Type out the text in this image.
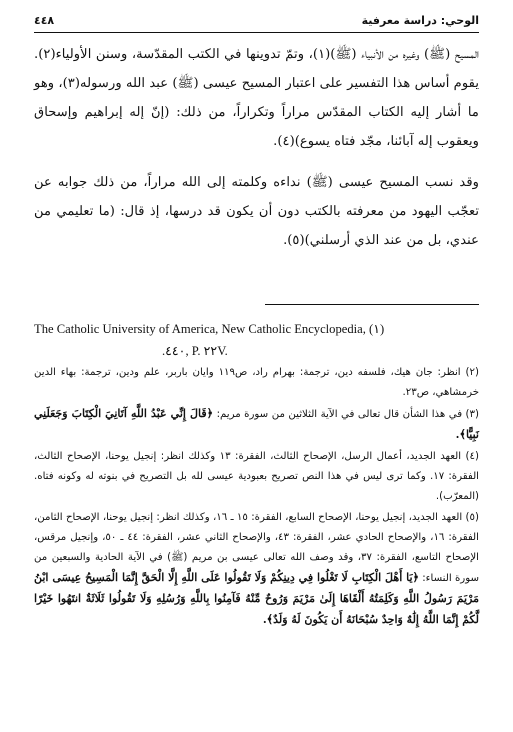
الوحي: دراسة معرفية
٤٤٨

المسيح (ﷺ) وغيره من الأنبياء (ﷺ)(١)، وتمّ تدوينها في الكتب المقدّسة، وسنن الأولياء(٢). يقوم أساس هذا التفسير على اعتبار المسيح عيسى (ﷺ) عبد الله ورسوله(٣)، وهو ما أشار إليه الكتاب المقدّس مراراً وتكراراً، من ذلك: (إنّ إله إبراهيم وإسحاق ويعقوب إله آبائنا، مجّد فتاه يسوع)(٤).

وقد نسب المسيح عيسى (ﷺ) نداءه وكلمته إلى الله مراراً، من ذلك جوابه عن تعجّب اليهود من معرفته بالكتب دون أن يكون قد درسها، إذ قال: (ما تعليمي من عندي، بل من عند الذي أرسلني)(٥).

The Catholic University of America, New Catholic Encyclopedia, (١)
.٤٤٠, P. ٢٢V.

(٢) انظر: جان هيك، فلسفه دين، ترجمة: بهرام راد، ص١١٩ وايان باربر، علم ودين، ترجمة: بهاء الدين خرمشاهي، ص٢٣.

(٣) في هذا الشأن قال تعالى في الآية الثلاثين من سورة مريم: ﴿قَالَ إِنِّي عَبْدُ اللَّهِ آتَانِيَ الْكِتَابَ وَجَعَلَنِي نَبِيًّا﴾.

(٤) العهد الجديد، أعمال الرسل، الإصحاح الثالث، الفقرة: ١٣ وكذلك انظر: إنجيل يوحنا، الإصحاح الثالث، الفقرة: ١٧. وكما ترى ليس في هذا النص تصريح بعبودية عيسى لله بل التصريح في بنوته له وكونه فتاه. (المعرّب).

(٥) العهد الجديد، إنجيل يوحنا، الإصحاح السابع، الفقرة: ١٥ ـ ١٦، وكذلك انظر: إنجيل يوحنا، الإصحاح الثامن، الفقرة: ١٦، والإصحاح الحادي عشر، الفقرة: ٤٣، والإصحاح الثاني عشر، الفقرة: ٤٤ ـ ٥٠، وإنجيل مرقس، الإصحاح التاسع، الفقرة: ٣٧، وقد وصف الله تعالى عيسى بن مريم (ﷺ) في الآية الحادية والسبعين من سورة النساء: ﴿يَا أَهْلَ الْكِتَابِ لَا تَغْلُوا فِي دِينِكُمْ وَلَا تَقُولُوا عَلَى اللَّهِ إِلَّا الْحَقَّ إِنَّمَا الْمَسِيحُ عِيسَى ابْنُ مَرْيَمَ رَسُولُ اللَّهِ وَكَلِمَتُهُ أَلْقَاهَا إِلَىٰ مَرْيَمَ وَرُوحٌ مِّنْهُ فَآمِنُوا بِاللَّهِ وَرُسُلِهِ وَلَا تَقُولُوا ثَلَاثَةٌ انتَهُوا خَيْرًا لَّكُمْ إِنَّمَا اللَّهُ إِلَٰهٌ وَاحِدٌ سُبْحَانَهُ أَن يَكُونَ لَهُ وَلَدٌ﴾.
